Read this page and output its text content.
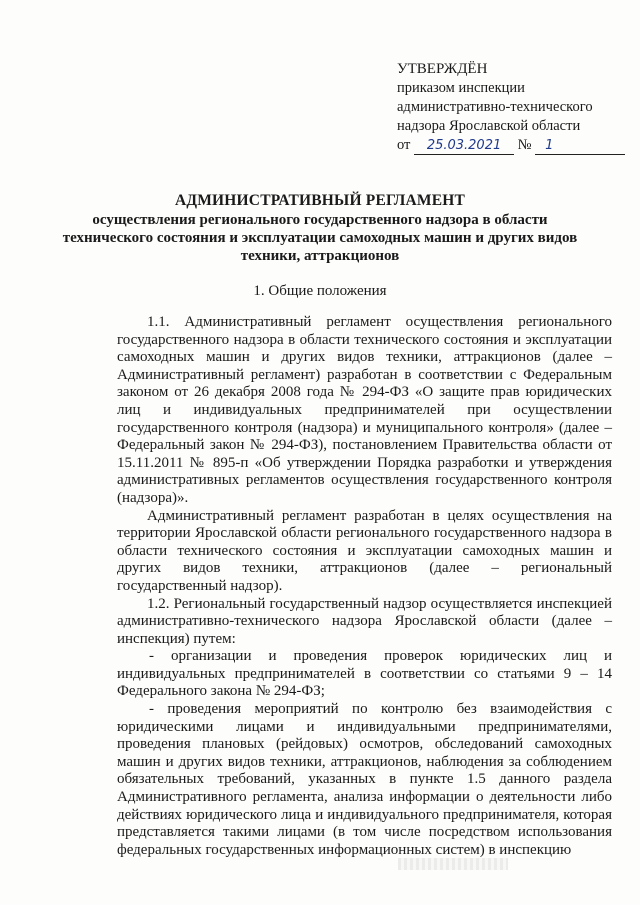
УТВЕРЖДЁН
приказом инспекции
административно-технического
надзора Ярославской области
от 25.03.2021 № 1
АДМИНИСТРАТИВНЫЙ РЕГЛАМЕНТ
осуществления регионального государственного надзора в области технического состояния и эксплуатации самоходных машин и других видов техники, аттракционов
1. Общие положения

1.1. Административный регламент осуществления регионального государственного надзора в области технического состояния и эксплуатации самоходных машин и других видов техники, аттракционов (далее – Административный регламент) разработан в соответствии с Федеральным законом от 26 декабря 2008 года № 294-ФЗ «О защите прав юридических лиц и индивидуальных предпринимателей при осуществлении государственного контроля (надзора) и муниципального контроля» (далее – Федеральный закон № 294-ФЗ), постановлением Правительства области от 15.11.2011 № 895-п «Об утверждении Порядка разработки и утверждения административных регламентов осуществления государственного контроля (надзора)».

Административный регламент разработан в целях осуществления на территории Ярославской области регионального государственного надзора в области технического состояния и эксплуатации самоходных машин и других видов техники, аттракционов (далее – региональный государственный надзор).

1.2. Региональный государственный надзор осуществляется инспекцией административно-технического надзора Ярославской области (далее – инспекция) путем:

- организации и проведения проверок юридических лиц и индивидуальных предпринимателей в соответствии со статьями 9 – 14 Федерального закона № 294-ФЗ;

- проведения мероприятий по контролю без взаимодействия с юридическими лицами и индивидуальными предпринимателями, проведения плановых (рейдовых) осмотров, обследований самоходных машин и других видов техники, аттракционов, наблюдения за соблюдением обязательных требований, указанных в пункте 1.5 данного раздела Административного регламента, анализа информации о деятельности либо действиях юридического лица и индивидуального предпринимателя, которая представляется такими лицами (в том числе посредством использования федеральных государственных информационных систем) в инспекцию
